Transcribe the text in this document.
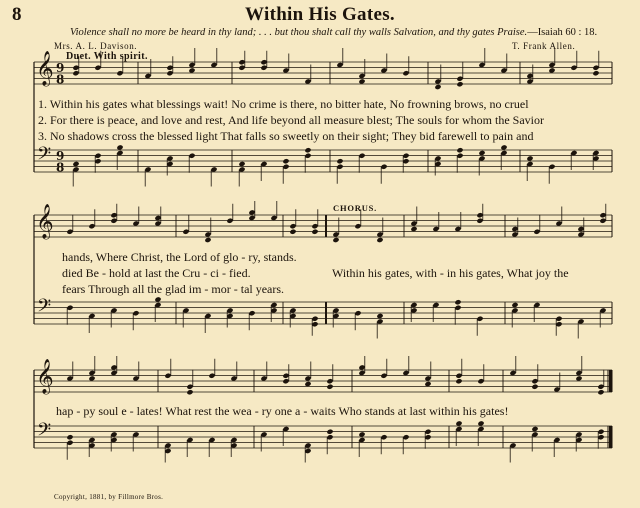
8	Within His Gates.
Violence shall no more be heard in thy land; . . . but thou shalt call thy walls Salvation, and thy gates Praise.—Isaiah 60 : 18.
Mrs. A. L. Davison.	T. Frank Allen.
Duet. With spirit.
CHORUS.
𝄞
𝄢
9
8
9
8
𝄞
𝄢
𝄞
𝄢
1. Within his gates what blessings wait! No crime is there, no bitter hate, No frowning brows, no cruel
2. For there is peace, and love and rest, And life beyond all measure blest; The souls for whom the Savior
3. No shadows cross the blessed light That falls so sweetly on their sight; They bid farewell to pain and
hands, Where Christ, the Lord of glo - ry, stands.
died Be - hold at last the Cru - ci - fied.
fears Through all the glad im - mor - tal years.
Within his gates, with - in his gates, What joy the
hap - py soul e - lates! What rest the wea - ry one a - waits Who stands at last within his gates!
Copyright, 1881, by Fillmore Bros.
